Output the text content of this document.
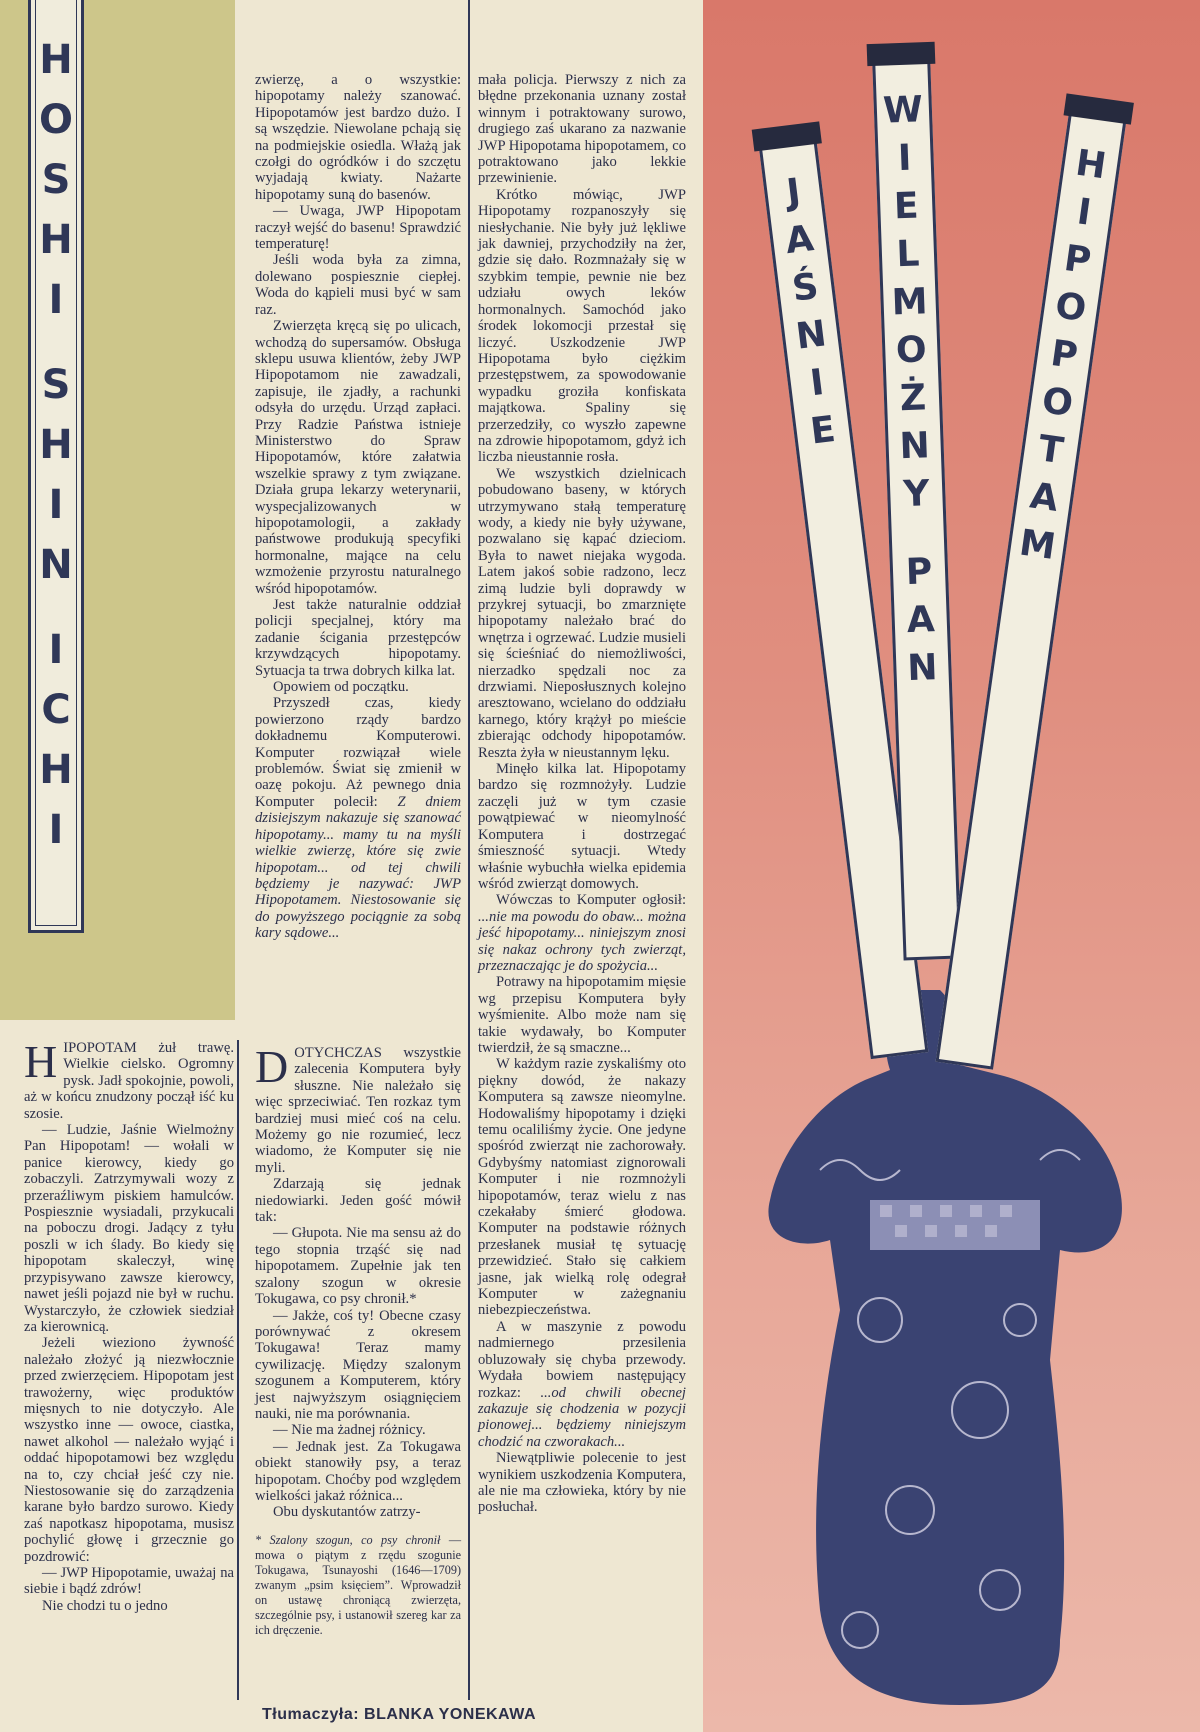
H
O
S
H
I
S
H
I
N
I
C
H
I
J
A
Ś
N
I
E
W
I
E
L
M
O
Ż
N
Y
P
A
N
H
I
P
O
P
O
T
A
M

HIPOPOTAM żuł trawę. Wielkie cielsko. Ogromny pysk. Jadł spokojnie, powoli, aż w końcu znudzony począł iść ku szosie.

— Ludzie, Jaśnie Wielmożny Pan Hipopotam! — wołali w panice kierowcy, kiedy go zobaczyli. Zatrzymywali wozy z przeraźliwym piskiem hamulców. Pospiesznie wysiadali, przykucali na poboczu drogi. Jadący z tyłu poszli w ich ślady. Bo kiedy się hipopotam skaleczył, winę przypisywano zawsze kierowcy, nawet jeśli pojazd nie był w ruchu. Wystarczyło, że człowiek siedział za kierownicą.

Jeżeli wieziono żywność należało złożyć ją niezwłocznie przed zwierzęciem. Hipopotam jest trawożerny, więc produktów mięsnych to nie dotyczyło. Ale wszystko inne — owoce, ciastka, nawet alkohol — należało wyjąć i oddać hipopotamowi bez względu na to, czy chciał jeść czy nie. Niestosowanie się do zarządzenia karane było bardzo surowo. Kiedy zaś napotkasz hipopotama, musisz pochylić głowę i grzecznie go pozdrowić:

— JWP Hipopotamie, uważaj na siebie i bądź zdrów!

Nie chodzi tu o jedno

zwierzę, a o wszystkie: hipopotamy należy szanować. Hipopotamów jest bardzo dużo. I są wszędzie. Niewolane pchają się na podmiejskie osiedla. Włażą jak czołgi do ogródków i do szczętu wyjadają kwiaty. Nażarte hipopotamy suną do basenów.

— Uwaga, JWP Hipopotam raczył wejść do basenu! Sprawdzić temperaturę!

Jeśli woda była za zimna, dolewano pospiesznie ciepłej. Woda do kąpieli musi być w sam raz.

Zwierzęta kręcą się po ulicach, wchodzą do supersamów. Obsługa sklepu usuwa klientów, żeby JWP Hipopotamom nie zawadzali, zapisuje, ile zjadły, a rachunki odsyła do urzędu. Urząd zapłaci. Przy Radzie Państwa istnieje Ministerstwo do Spraw Hipopotamów, które załatwia wszelkie sprawy z tym związane. Działa grupa lekarzy weterynarii, wyspecjalizowanych w hipopotamologii, a zakłady państwowe produkują specyfiki hormonalne, mające na celu wzmożenie przyrostu naturalnego wśród hipopotamów.

Jest także naturalnie oddział policji specjalnej, który ma zadanie ścigania przestępców krzywdzących hipopotamy. Sytuacja ta trwa dobrych kilka lat.

Opowiem od początku.

Przyszedł czas, kiedy powierzono rządy bardzo dokładnemu Komputerowi. Komputer rozwiązał wiele problemów. Świat się zmienił w oazę pokoju. Aż pewnego dnia Komputer polecił: Z dniem dzisiejszym nakazuje się szanować hipopotamy... mamy tu na myśli wielkie zwierzę, które się zwie hipopotam... od tej chwili będziemy je nazywać: JWP Hipopotamem. Niestosowanie się do powyższego pociągnie za sobą kary sądowe...

DOTYCHCZAS wszystkie zalecenia Komputera były słuszne. Nie należało się więc sprzeciwiać. Ten rozkaz tym bardziej musi mieć coś na celu. Możemy go nie rozumieć, lecz wiadomo, że Komputer się nie myli.

Zdarzają się jednak niedowiarki. Jeden gość mówił tak:

— Głupota. Nie ma sensu aż do tego stopnia trząść się nad hipopotamem. Zupełnie jak ten szalony szogun w okresie Tokugawa, co psy chronił.*

— Jakże, coś ty! Obecne czasy porównywać z okresem Tokugawa! Teraz mamy cywilizację. Między szalonym szogunem a Komputerem, który jest najwyższym osiągnięciem nauki, nie ma porównania.

— Nie ma żadnej różnicy.

— Jednak jest. Za Tokugawa obiekt stanowiły psy, a teraz hipopotam. Choćby pod względem wielkości jakaż różnica...

Obu dyskutantów zatrzy-

* Szalony szogun, co psy chronił — mowa o piątym z rzędu szogunie Tokugawa, Tsunayoshi (1646—1709) zwanym „psim księciem”. Wprowadził on ustawę chroniącą zwierzęta, szczególnie psy, i ustanowił szereg kar za ich dręczenie.

mała policja. Pierwszy z nich za błędne przekonania uznany został winnym i potraktowany surowo, drugiego zaś ukarano za nazwanie JWP Hipopotama hipopotamem, co potraktowano jako lekkie przewinienie.

Krótko mówiąc, JWP Hipopotamy rozpanoszyły się niesłychanie. Nie były już lękliwe jak dawniej, przychodziły na żer, gdzie się dało. Rozmnażały się w szybkim tempie, pewnie nie bez udziału owych leków hormonalnych. Samochód jako środek lokomocji przestał się liczyć. Uszkodzenie JWP Hipopotama było ciężkim przestępstwem, za spowodowanie wypadku groziła konfiskata majątkowa. Spaliny się przerzedziły, co wyszło zapewne na zdrowie hipopotamom, gdyż ich liczba nieustannie rosła.

We wszystkich dzielnicach pobudowano baseny, w których utrzymywano stałą temperaturę wody, a kiedy nie były używane, pozwalano się kąpać dzieciom. Była to nawet niejaka wygoda. Latem jakoś sobie radzono, lecz zimą ludzie byli doprawdy w przykrej sytuacji, bo zmarznięte hipopotamy należało brać do wnętrza i ogrzewać. Ludzie musieli się ścieśniać do niemożliwości, nierzadko spędzali noc za drzwiami. Nieposłusznych kolejno aresztowano, wcielano do oddziału karnego, który krążył po mieście zbierając odchody hipopotamów. Reszta żyła w nieustannym lęku.

Minęło kilka lat. Hipopotamy bardzo się rozmnożyły. Ludzie zaczęli już w tym czasie powątpiewać w nieomylność Komputera i dostrzegać śmieszność sytuacji. Wtedy właśnie wybuchła wielka epidemia wśród zwierząt domowych.

Wówczas to Komputer ogłosił: ...nie ma powodu do obaw... można jeść hipopotamy... niniejszym znosi się nakaz ochrony tych zwierząt, przeznaczając je do spożycia...

Potrawy na hipopotamim mięsie wg przepisu Komputera były wyśmienite. Albo może nam się takie wydawały, bo Komputer twierdził, że są smaczne...

W każdym razie zyskaliśmy oto piękny dowód, że nakazy Komputera są zawsze nieomylne. Hodowaliśmy hipopotamy i dzięki temu ocaliliśmy życie. One jedyne spośród zwierząt nie zachorowały. Gdybyśmy natomiast zignorowali Komputer i nie rozmnożyli hipopotamów, teraz wielu z nas czekałaby śmierć głodowa. Komputer na podstawie różnych przesłanek musiał tę sytuację przewidzieć. Stało się całkiem jasne, jak wielką rolę odegrał Komputer w zażegnaniu niebezpieczeństwa.

A w maszynie z powodu nadmiernego przesilenia obluzowały się chyba przewody. Wydała bowiem następujący rozkaz: ...od chwili obecnej zakazuje się chodzenia w pozycji pionowej... będziemy niniejszym chodzić na czworakach...

Niewątpliwie polecenie to jest wynikiem uszkodzenia Komputera, ale nie ma człowieka, który by nie posłuchał.

Tłumaczyła: BLANKA YONEKAWA
